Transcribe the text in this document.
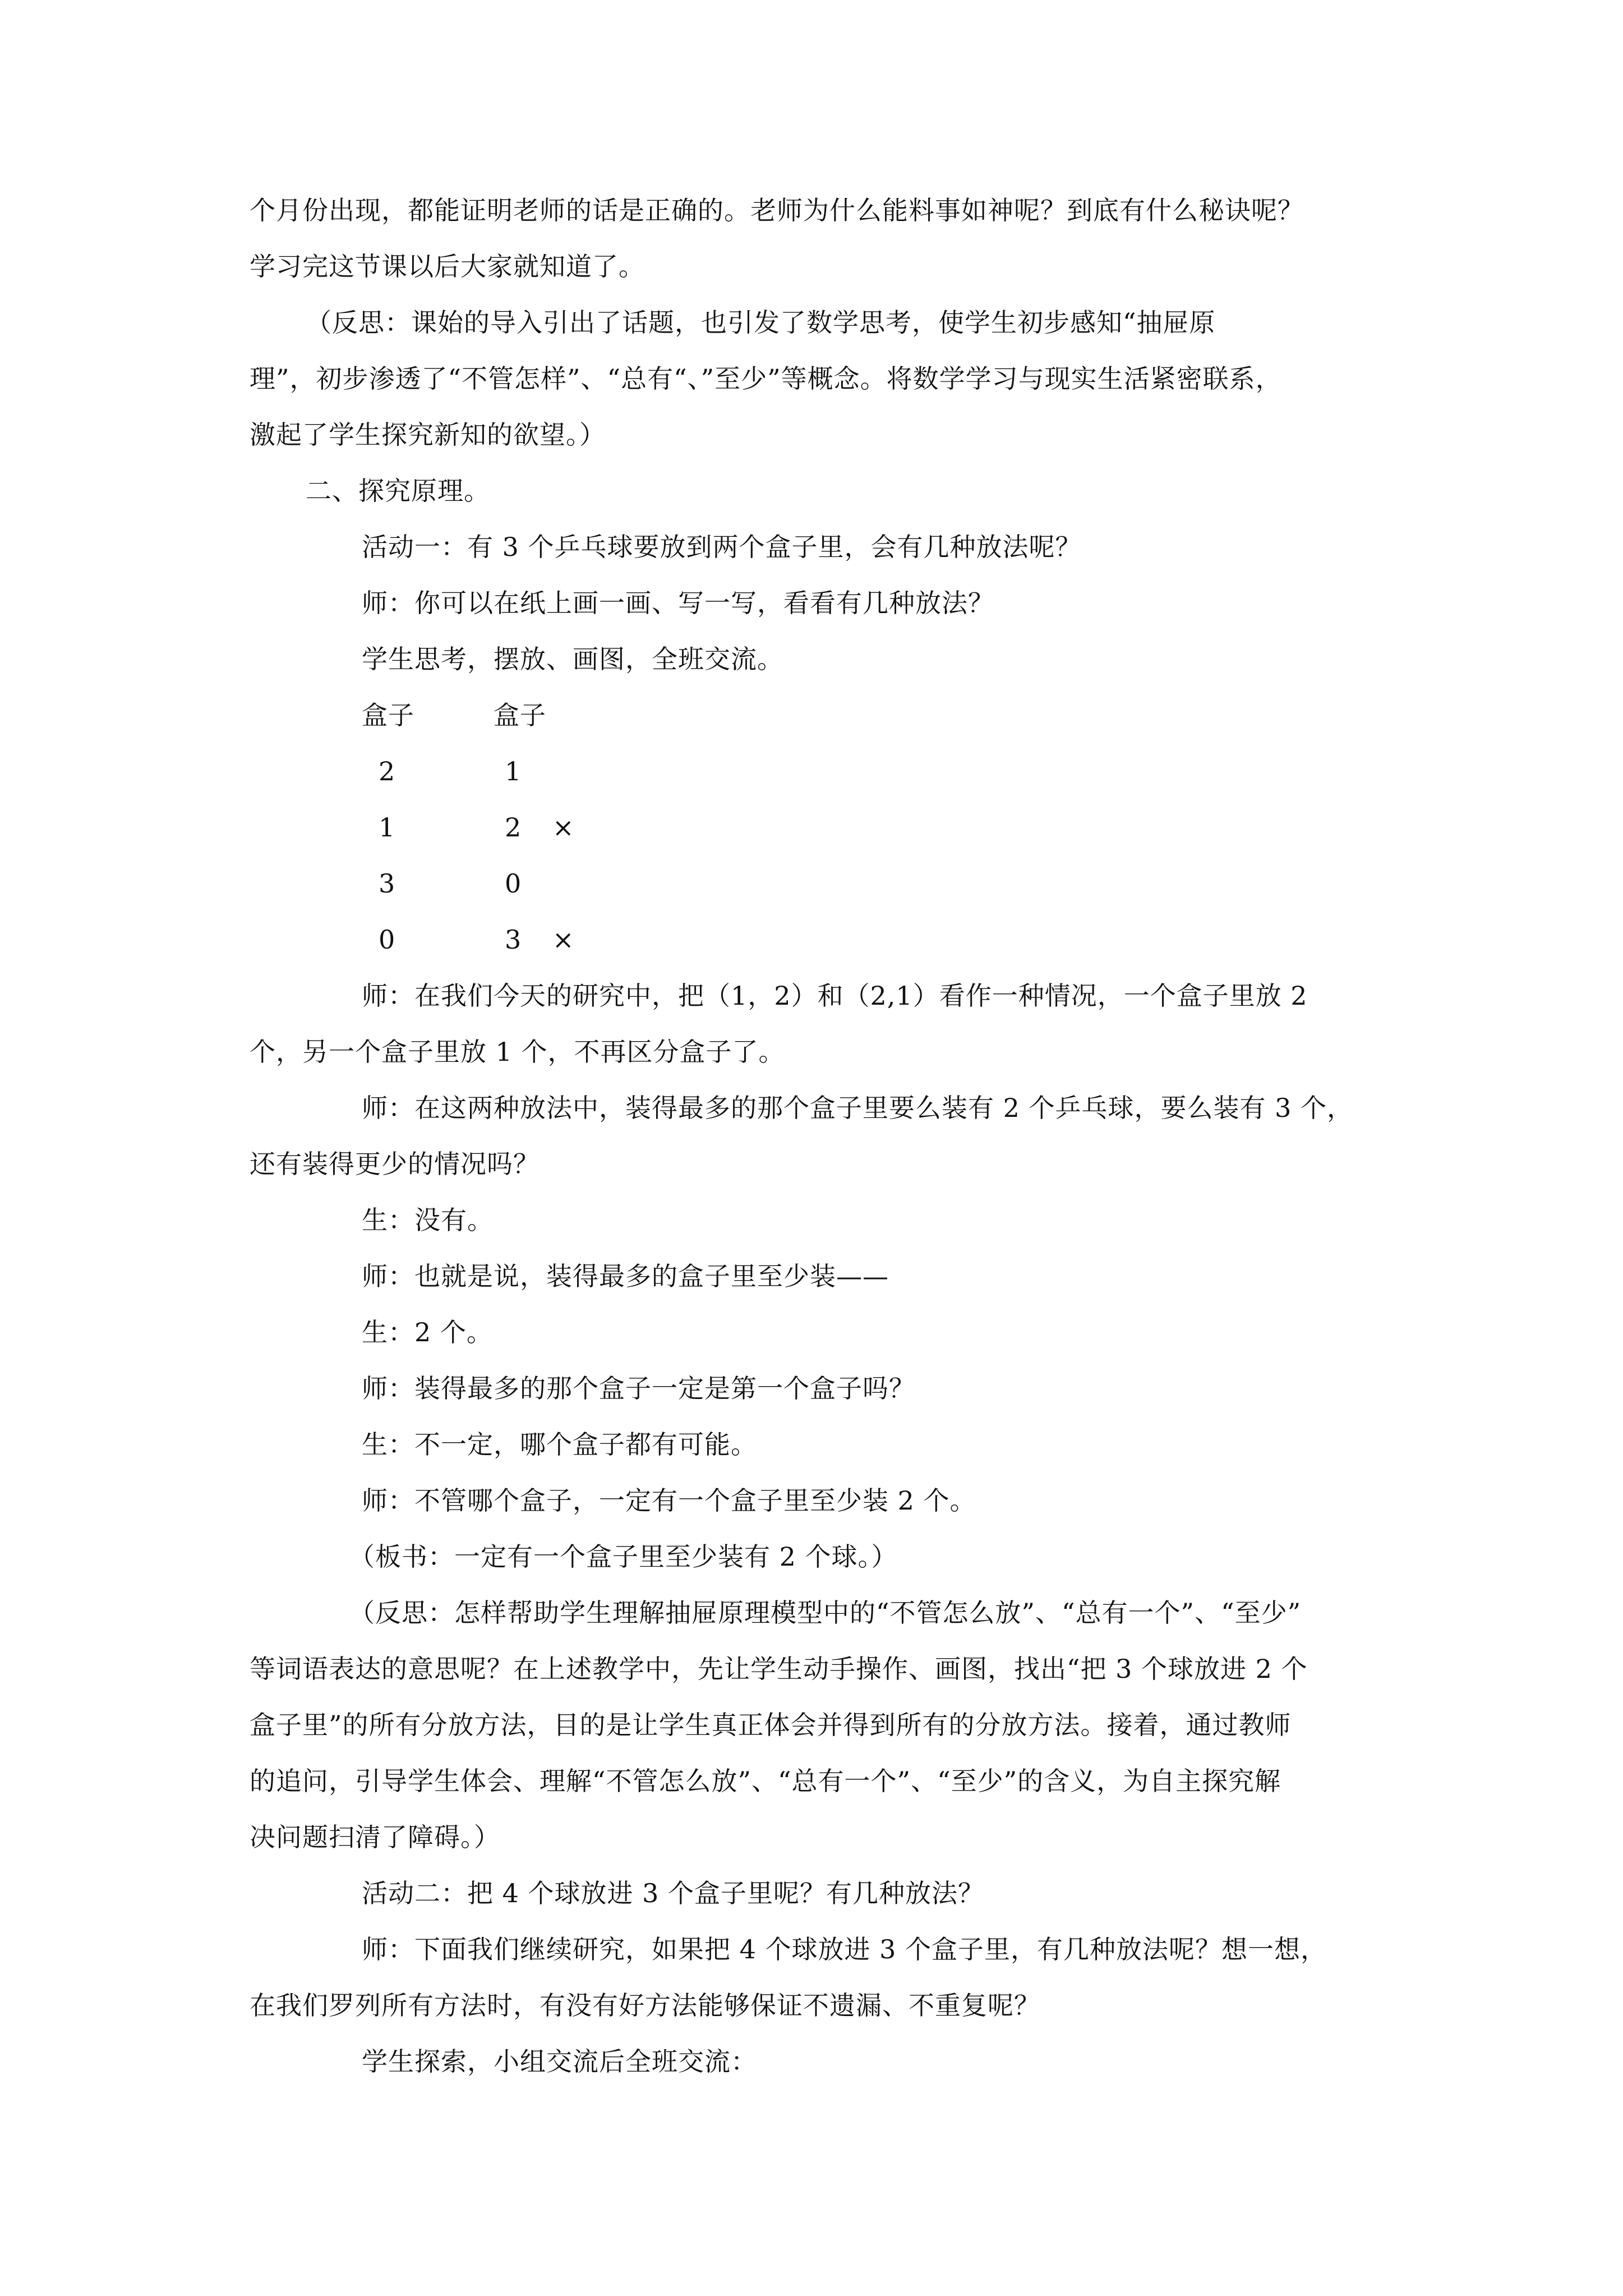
个月份出现，都能证明老师的话是正确的。老师为什么能料事如神呢？到底有什么秘诀呢？
学习完这节课以后大家就知道了。
（反思：课始的导入引出了话题，也引发了数学思考，使学生初步感知“抽屉原
理”，初步渗透了“不管怎样”、“总有“、”至少”等概念。将数学学习与现实生活紧密联系，
激起了学生探究新知的欲望。）
二、探究原理。
活动一：有 3 个乒乓球要放到两个盒子里，会有几种放法呢？
师：你可以在纸上画一画、写一写，看看有几种放法？
学生思考，摆放、画图，全班交流。
盒子	盒子
2	1
1	2 ×
3	0
0	3 ×
师：在我们今天的研究中，把（1，2）和（2,1）看作一种情况，一个盒子里放 2
个，另一个盒子里放 1 个，不再区分盒子了。
师：在这两种放法中，装得最多的那个盒子里要么装有 2 个乒乓球，要么装有 3 个，
还有装得更少的情况吗？
生：没有。
师：也就是说，装得最多的盒子里至少装——
生：2 个。
师：装得最多的那个盒子一定是第一个盒子吗？
生：不一定，哪个盒子都有可能。
师：不管哪个盒子，一定有一个盒子里至少装 2 个。
（板书：一定有一个盒子里至少装有 2 个球。）
（反思：怎样帮助学生理解抽屉原理模型中的“不管怎么放”、“总有一个”、“至少”
等词语表达的意思呢？在上述教学中，先让学生动手操作、画图，找出“把 3 个球放进 2 个
盒子里”的所有分放方法，目的是让学生真正体会并得到所有的分放方法。接着，通过教师
的追问，引导学生体会、理解“不管怎么放”、“总有一个”、“至少”的含义，为自主探究解
决问题扫清了障碍。）
活动二：把 4 个球放进 3 个盒子里呢？有几种放法？
师：下面我们继续研究，如果把 4 个球放进 3 个盒子里，有几种放法呢？想一想，
在我们罗列所有方法时，有没有好方法能够保证不遗漏、不重复呢？
学生探索，小组交流后全班交流：
